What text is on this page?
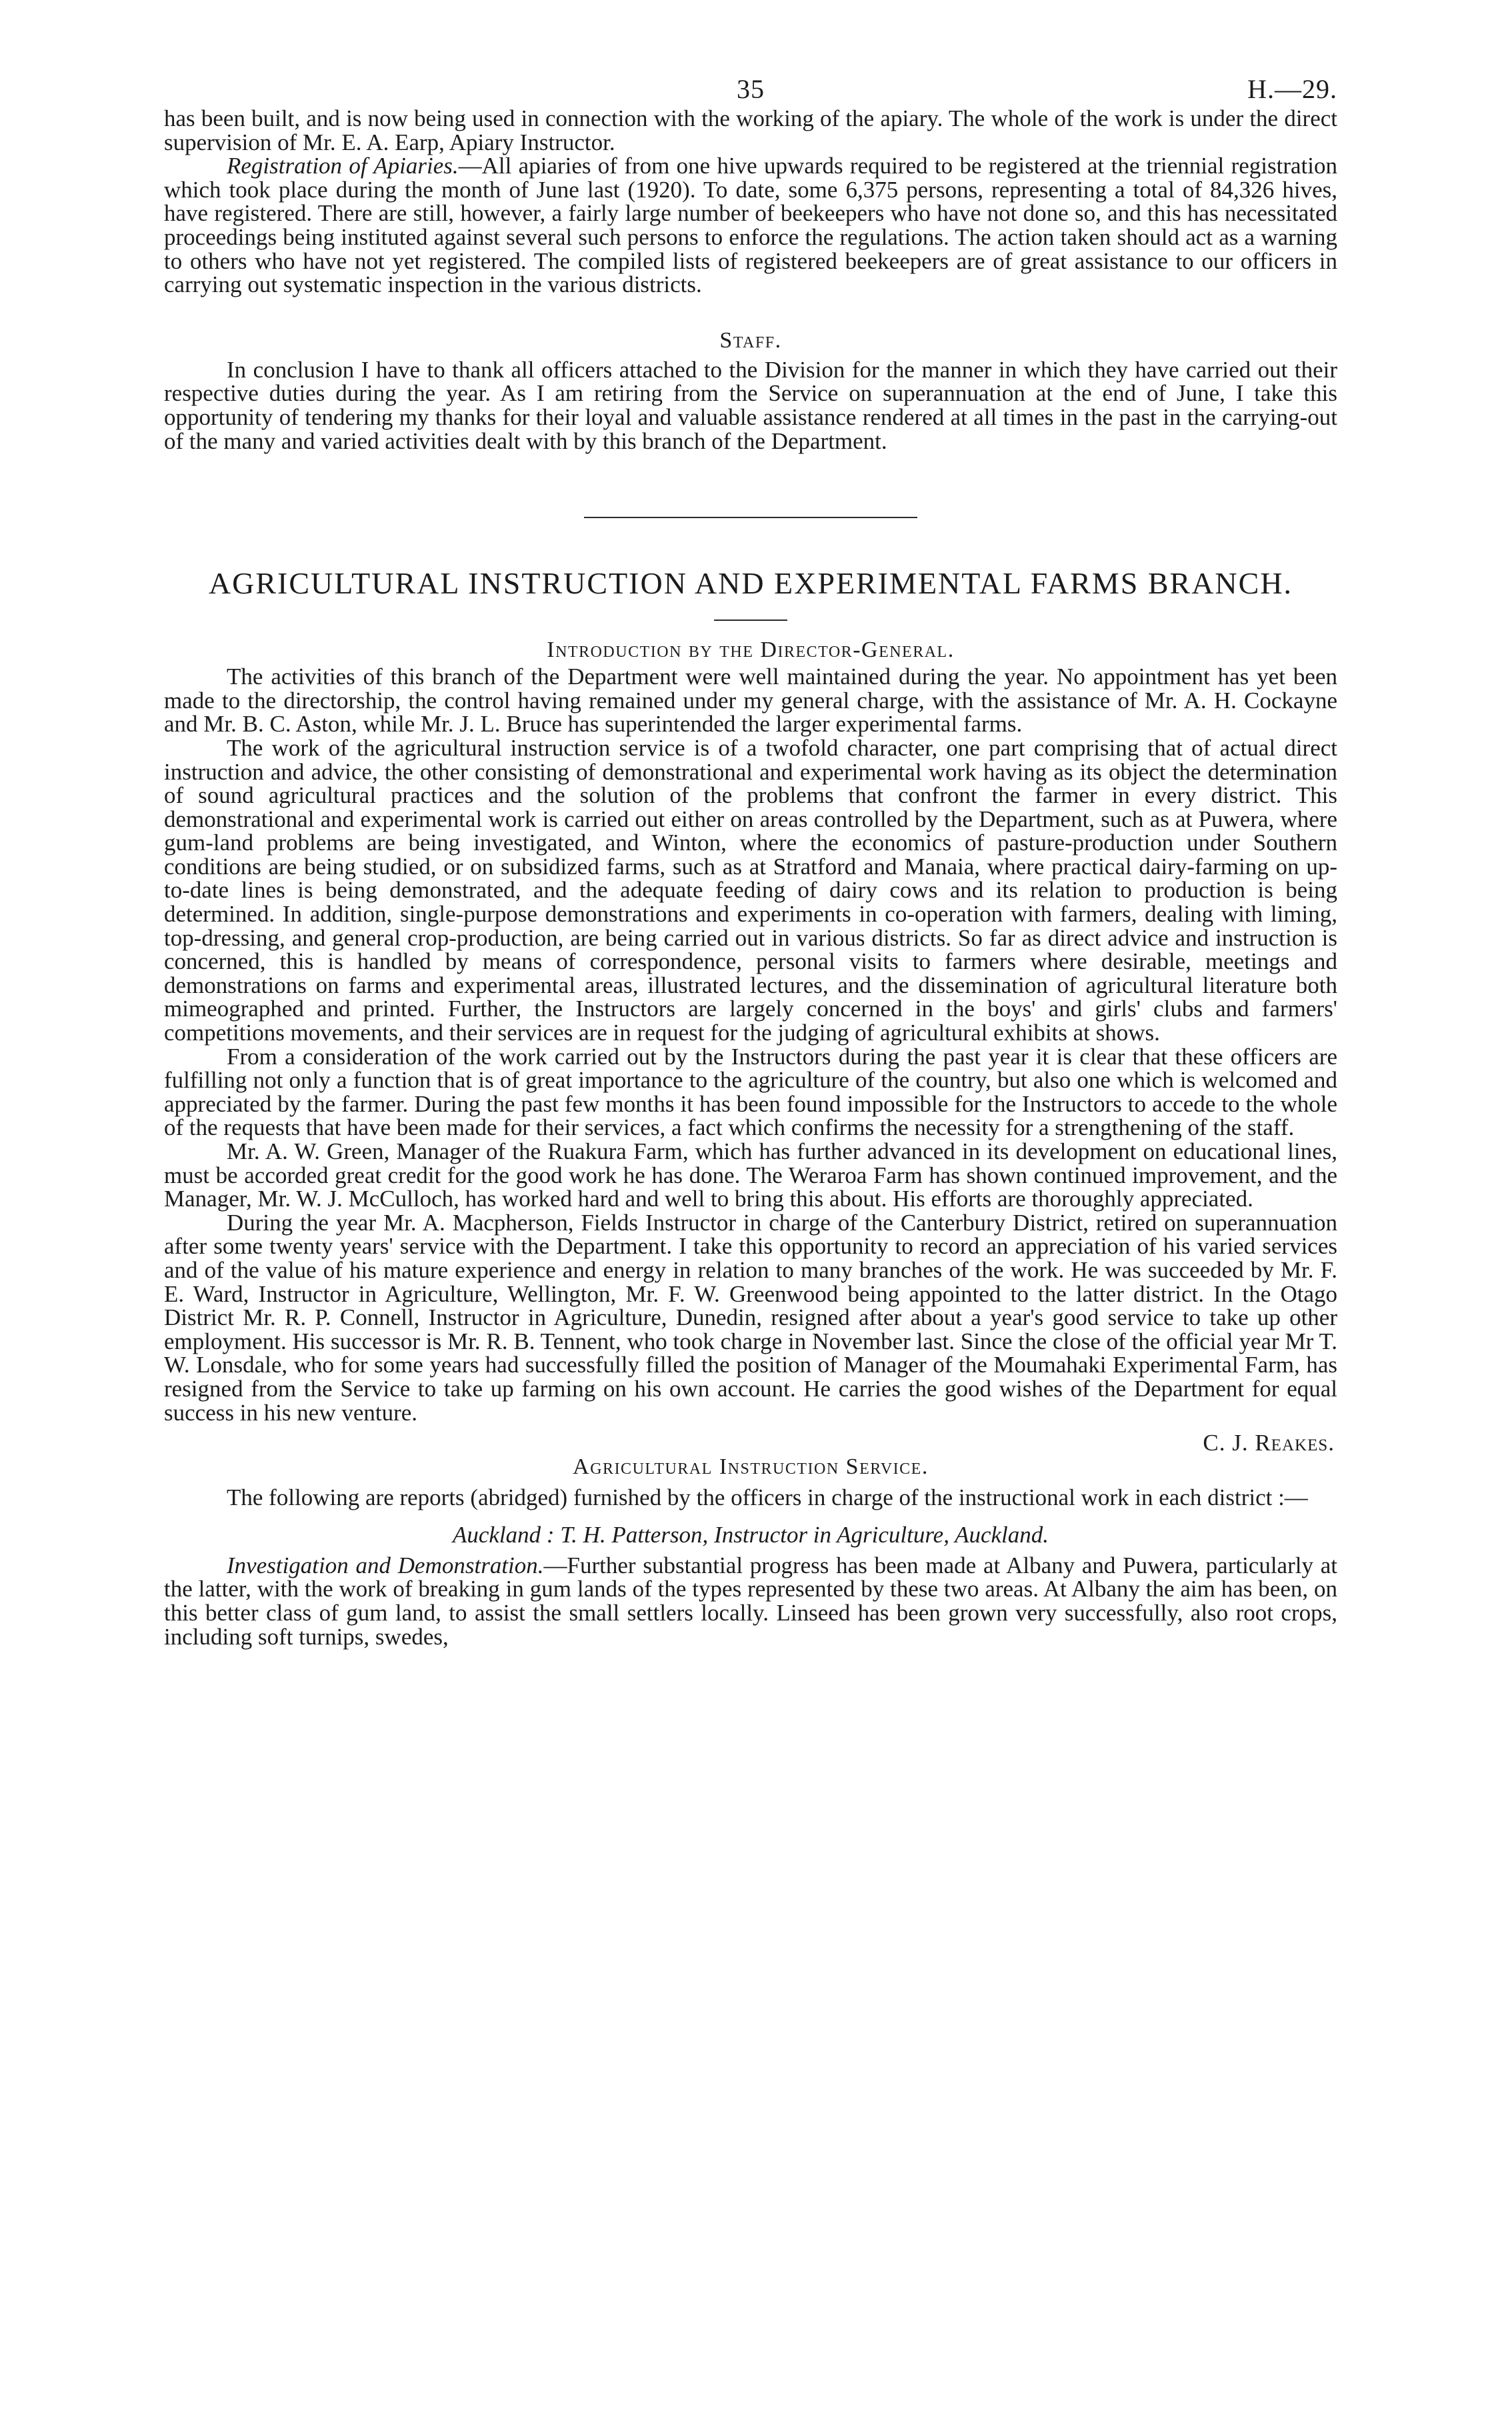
35	H.—29.

has been built, and is now being used in connection with the working of the apiary. The whole of the work is under the direct supervision of Mr. E. A. Earp, Apiary Instructor.

Registration of Apiaries.—All apiaries of from one hive upwards required to be registered at the triennial registration which took place during the month of June last (1920). To date, some 6,375 persons, representing a total of 84,326 hives, have registered. There are still, however, a fairly large number of beekeepers who have not done so, and this has necessitated proceedings being instituted against several such persons to enforce the regulations. The action taken should act as a warning to others who have not yet registered. The compiled lists of registered beekeepers are of great assistance to our officers in carrying out systematic inspection in the various districts.

Staff.

In conclusion I have to thank all officers attached to the Division for the manner in which they have carried out their respective duties during the year. As I am retiring from the Service on superannuation at the end of June, I take this opportunity of tendering my thanks for their loyal and valuable assistance rendered at all times in the past in the carrying-out of the many and varied activities dealt with by this branch of the Department.

AGRICULTURAL INSTRUCTION AND EXPERIMENTAL FARMS BRANCH.
Introduction by the Director-General.

The activities of this branch of the Department were well maintained during the year. No appointment has yet been made to the directorship, the control having remained under my general charge, with the assistance of Mr. A. H. Cockayne and Mr. B. C. Aston, while Mr. J. L. Bruce has superintended the larger experimental farms.

The work of the agricultural instruction service is of a twofold character, one part comprising that of actual direct instruction and advice, the other consisting of demonstrational and experimental work having as its object the determination of sound agricultural practices and the solution of the problems that confront the farmer in every district. This demonstrational and experimental work is carried out either on areas controlled by the Department, such as at Puwera, where gum-land problems are being investigated, and Winton, where the economics of pasture-production under Southern conditions are being studied, or on subsidized farms, such as at Stratford and Manaia, where practical dairy-farming on up-to-date lines is being demonstrated, and the adequate feeding of dairy cows and its relation to production is being determined. In addition, single-purpose demonstrations and experiments in co-operation with farmers, dealing with liming, top-dressing, and general crop-production, are being carried out in various districts. So far as direct advice and instruction is concerned, this is handled by means of correspondence, personal visits to farmers where desirable, meetings and demonstrations on farms and experimental areas, illustrated lectures, and the dissemination of agricultural literature both mimeographed and printed. Further, the Instructors are largely concerned in the boys' and girls' clubs and farmers' competitions movements, and their services are in request for the judging of agricultural exhibits at shows.

From a consideration of the work carried out by the Instructors during the past year it is clear that these officers are fulfilling not only a function that is of great importance to the agriculture of the country, but also one which is welcomed and appreciated by the farmer. During the past few months it has been found impossible for the Instructors to accede to the whole of the requests that have been made for their services, a fact which confirms the necessity for a strengthening of the staff.

Mr. A. W. Green, Manager of the Ruakura Farm, which has further advanced in its development on educational lines, must be accorded great credit for the good work he has done. The Weraroa Farm has shown continued improvement, and the Manager, Mr. W. J. McCulloch, has worked hard and well to bring this about. His efforts are thoroughly appreciated.

During the year Mr. A. Macpherson, Fields Instructor in charge of the Canterbury District, retired on superannuation after some twenty years' service with the Department. I take this opportunity to record an appreciation of his varied services and of the value of his mature experience and energy in relation to many branches of the work. He was succeeded by Mr. F. E. Ward, Instructor in Agriculture, Wellington, Mr. F. W. Greenwood being appointed to the latter district. In the Otago District Mr. R. P. Connell, Instructor in Agriculture, Dunedin, resigned after about a year's good service to take up other employment. His successor is Mr. R. B. Tennent, who took charge in November last. Since the close of the official year Mr T. W. Lonsdale, who for some years had successfully filled the position of Manager of the Moumahaki Experimental Farm, has resigned from the Service to take up farming on his own account. He carries the good wishes of the Department for equal success in his new venture.

C. J. Reakes.
Agricultural Instruction Service.

The following are reports (abridged) furnished by the officers in charge of the instructional work in each district :—

Auckland : T. H. Patterson, Instructor in Agriculture, Auckland.

Investigation and Demonstration.—Further substantial progress has been made at Albany and Puwera, particularly at the latter, with the work of breaking in gum lands of the types represented by these two areas. At Albany the aim has been, on this better class of gum land, to assist the small settlers locally. Linseed has been grown very successfully, also root crops, including soft turnips, swedes,
